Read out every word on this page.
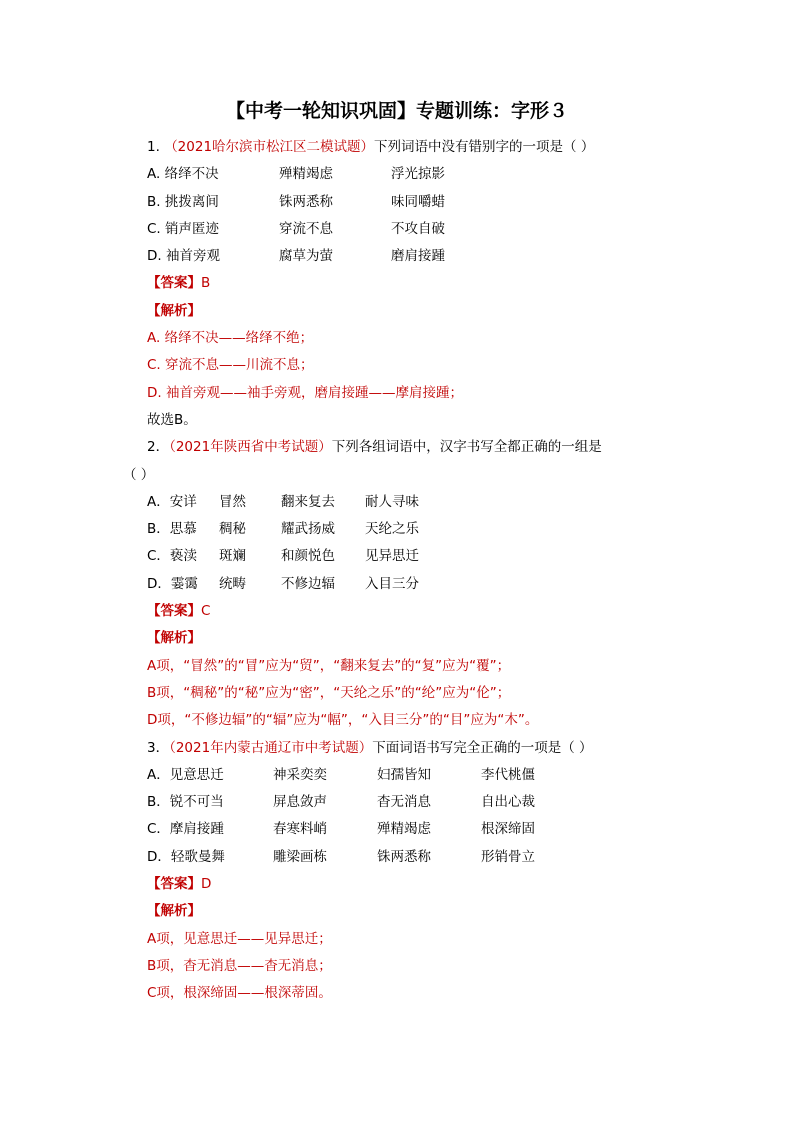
【中考一轮知识巩固】专题训练：字形３
1. （2021哈尔滨市松江区二模试题）下列词语中没有错别字的一项是（ ）
A. 络绎不决	殚精竭虑	浮光掠影
B. 挑拨离间	铢两悉称	味同嚼蜡
C. 销声匿迹	穿流不息	不攻自破
D. 袖首旁观	腐草为萤	磨肩接踵
【答案】B
【解析】
A. 络绎不决——络绎不绝；
C. 穿流不息——川流不息；
D. 袖首旁观——袖手旁观，磨肩接踵——摩肩接踵；
故选B。
2．（2021年陕西省中考试题）下列各组词语中，汉字书写全都正确的一组是
（ ）
A．安详 冒然	翻来复去 耐人寻味
B．思慕 稠秘	耀武扬威 天纶之乐
C．亵渎 斑斓	和颜悦色 见异思迁
D．霎霭 统畴	不修边辐 入目三分
【答案】C
【解析】
A项，“冒然”的“冒”应为“贸”，“翻来复去”的“复”应为“覆”；
B项，“稠秘”的“秘”应为“密”，“天纶之乐”的“纶”应为“伦”；
D项，“不修边辐”的“辐”应为“幅”，“入目三分”的“目”应为“木”。
3．（2021年内蒙古通辽市中考试题）下面词语书写完全正确的一项是（ ）
A．见意思迁	神采奕奕	妇孺皆知	李代桃僵
B．锐不可当	屏息敛声	杳无消息	自出心裁
C．摩肩接踵	春寒料峭	殚精竭虑	根深缔固
D．轻歌曼舞	雕梁画栋	铢两悉称	形销骨立
【答案】D
【解析】
A项，见意思迁——见异思迁；
B项，杳无消息——杳无消息；
C项，根深缔固——根深蒂固。
